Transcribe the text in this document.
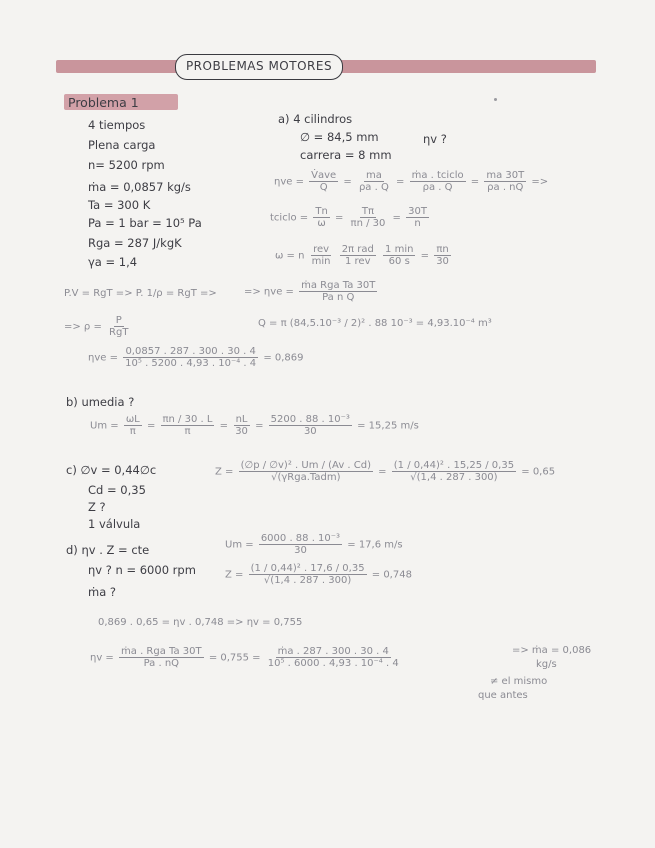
PROBLEMAS MOTORES
Problema 1
4 tiempos
Plena carga
n= 5200 rpm
ṁa = 0,0857 kg/s
Ta = 300 K
Pa = 1 bar = 10⁵ Pa
Rga = 287 J/kgK
γa = 1,4
a) 4 cilindros
∅ = 84,5 mm
carrera = 8 mm
ηv ?
$\eta ve = \frac{\text{V̇ave}}{Q} = \frac{ma}{\rho a . Q} = \frac{\text{ṁa . tciclo}}{\rho a . Q} = \frac{ma 30T}{\rho a . nQ}$ =>
tciclo = $\frac{Tn}{\omega} = \frac{T\pi}{\pi n / 30} = \frac{30T}{n}$
ω = n $\frac{\text{rev}}{\min}$
$\frac{\text{2π rad}}{\text{1 rev}}$
$\frac{1 \min}{60 s} = \frac{\pi n}{30}$
P.V = RgT => P. 1/ρ = RgT =>	=> $\eta ve = \frac{\text{ṁa Rga Ta 30T}}{\text{Pa n Q}}$
=> $\rho = \frac{P}{\text{RgT}}$	Q = π (84,5.10⁻³ / 2)² . 88 10⁻³ = 4,93.10⁻⁴ m³
$\eta ve = \frac{0,0857 . 287 . 300 . 30 . 4}{\text{10⁵ . 5200 . 4,93 . 10⁻⁴ . 4}} = 0,869$
b) umedia ?
$Um = \frac{\omega L}{\pi} = \frac{\pi n / 30 . L}{\pi} = \frac{nL}{30} = \frac{\text{5200 . 88 . 10⁻³}}{30} = 15,25$ m/s
c) ∅v = 0,44∅c
Cd = 0,35
Z ?
1 válvula
$Z = \frac{\text{(∅p / ∅v)² . Um / (Av . Cd)}}{\text{√(γRga.Tadm)}} = \frac{\text{(1 / 0,44)² . 15,25 / 0,35}}{√(1,4 . 287 . 300)} = 0,65$
d) ηv . Z = cte
ηv ? n = 6000 rpm
ṁa ?
$Um = \frac{\text{6000 . 88 . 10⁻³}}{30} = 17,6$ m/s
$Z = \frac{\text{(1 / 0,44)² . 17,6 / 0,35}}{√(1,4 . 287 . 300)} = 0,748$
0,869 . 0,65 = ηv . 0,748 => ηv = 0,755
$\eta v = \frac{\text{ṁa . Rga Ta 30T}}{Pa . nQ} = 0,755 = \frac{\text{ṁa . 287 . 300 . 30 . 4}}{\text{10⁵ . 6000 . 4,93 . 10⁻⁴ . 4}}$	=> ṁa = 0,086
kg/s
≠ el mismo
que antes
